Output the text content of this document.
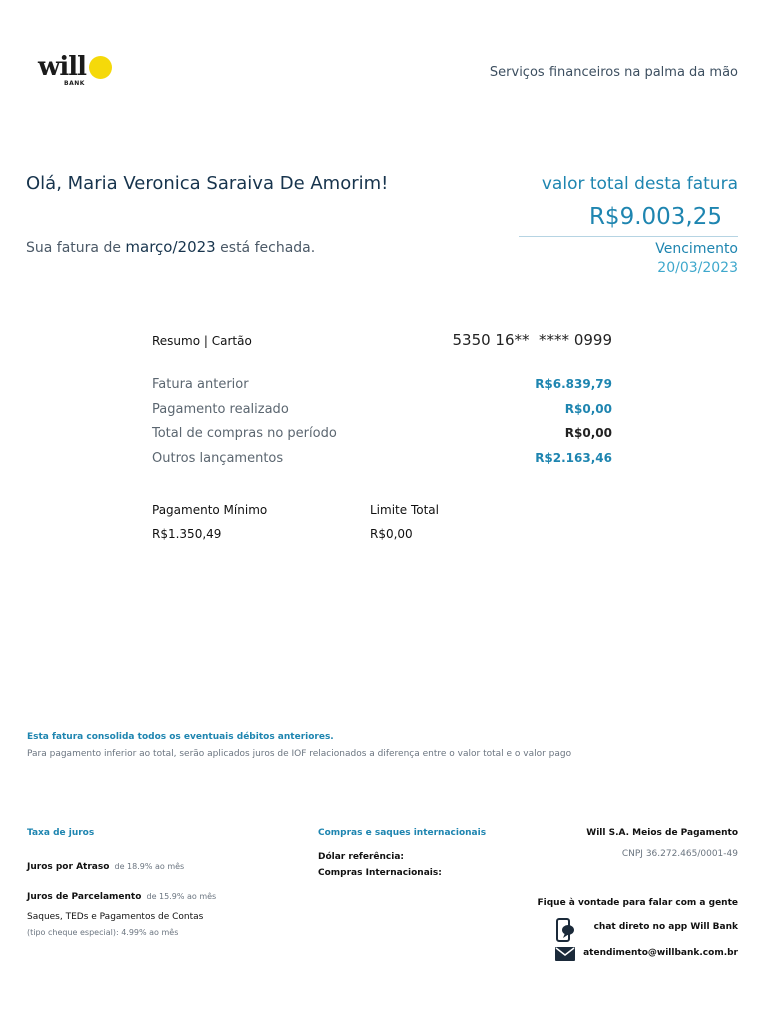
will
BANK
Serviços financeiros na palma da mão
Olá, Maria Veronica Saraiva De Amorim!
Sua fatura de março/2023 está fechada.
valor total desta fatura
R$9.003,25
Vencimento
20/03/2023
Resumo | Cartão	5350 16**  **** 0999
Fatura anterior	R$6.839,79
Pagamento realizado	R$0,00
Total de compras no período	R$0,00
Outros lançamentos	R$2.163,46
Pagamento Mínimo
R$1.350,49
Limite Total
R$0,00
Esta fatura consolida todos os eventuais débitos anteriores.
Para pagamento inferior ao total, serão aplicados juros de IOF relacionados a diferença entre o valor total e o valor pago
Taxa de juros
Juros por Atraso de 18.9% ao mês
Juros de Parcelamento de 15.9% ao mês
Saques, TEDs e Pagamentos de Contas
(tipo cheque especial): 4.99% ao mês
Compras e saques internacionais
Dólar referência:
Compras Internacionais:
Will S.A. Meios de Pagamento
CNPJ 36.272.465/0001-49
Fique à vontade para falar com a gente
chat direto no app Will Bank
atendimento@willbank.com.br
